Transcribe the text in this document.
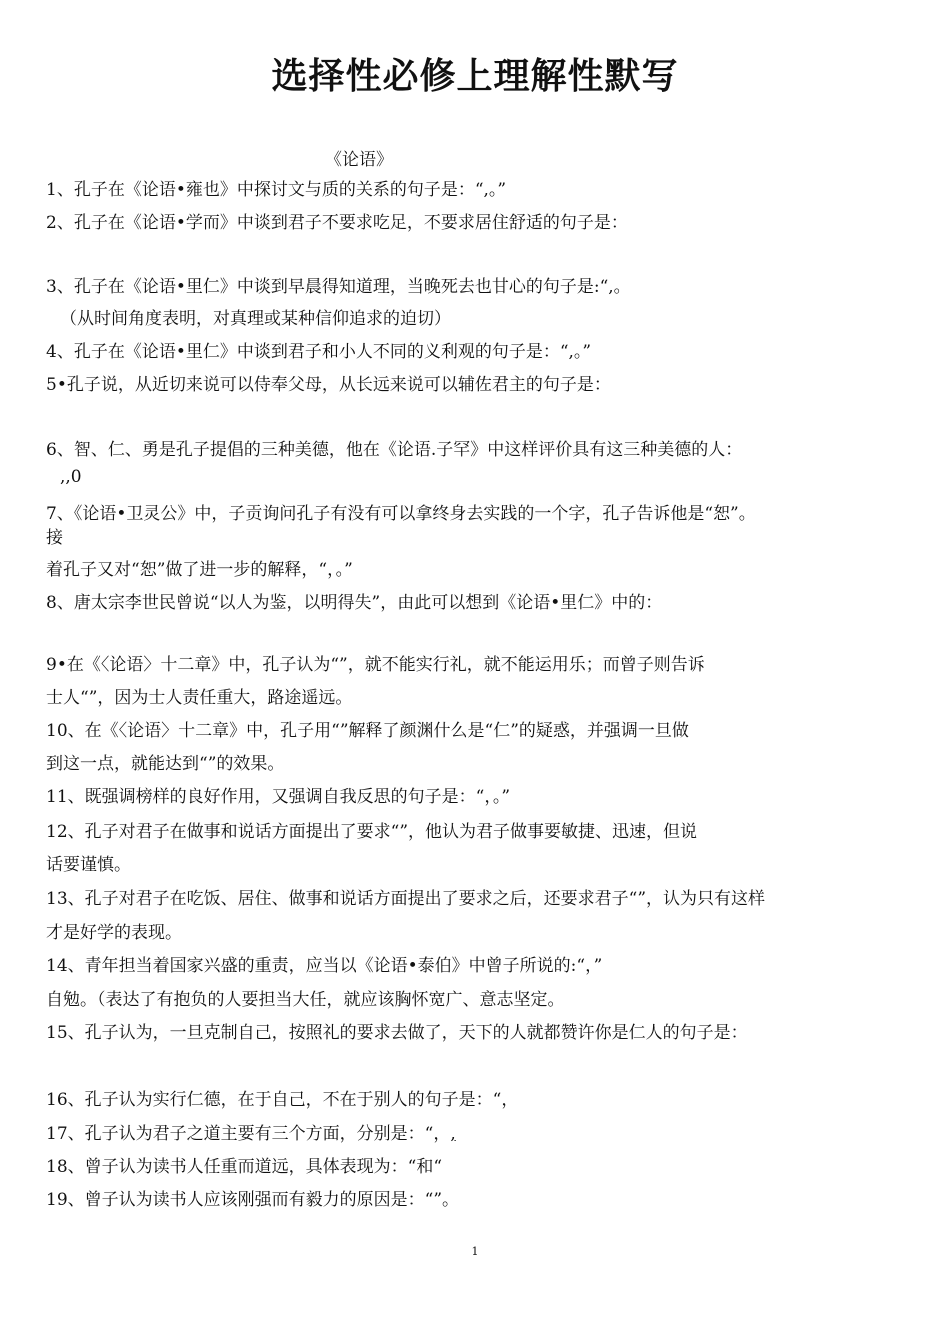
选择性必修上理解性默写

《论语》

1、孔子在《论语•雍也》中探讨文与质的关系的句子是：“,。”

2、孔子在《论语•学而》中谈到君子不要求吃足，不要求居住舒适的句子是：

3、孔子在《论语•里仁》中谈到早晨得知道理，当晚死去也甘心的句子是:“,。

（从时间角度表明，对真理或某种信仰追求的迫切）

4、孔子在《论语•里仁》中谈到君子和小人不同的义利观的句子是：“,。”

5•孔子说，从近切来说可以侍奉父母，从长远来说可以辅佐君主的句子是：

6、智、仁、勇是孔子提倡的三种美德，他在《论语.子罕》中这样评价具有这三种美德的人：

,,0

7、《论语•卫灵公》中，子贡询问孔子有没有可以拿终身去实践的一个字，孔子告诉他是“恕”。

接

着孔子又对“恕”做了进一步的解释，“，。”

8、唐太宗李世民曾说“以人为鉴，以明得失”，由此可以想到《论语•里仁》中的：

9•在《〈论语〉十二章》中，孔子认为“”，就不能实行礼，就不能运用乐；而曾子则告诉

士人“”，因为士人责任重大，路途遥远。

10、在《〈论语〉十二章》中，孔子用“”解释了颜渊什么是“仁”的疑惑，并强调一旦做

到这一点，就能达到“”的效果。

11、既强调榜样的良好作用，又强调自我反思的句子是：“，。”

12、孔子对君子在做事和说话方面提出了要求“”，他认为君子做事要敏捷、迅速，但说

话要谨慎。

13、孔子对君子在吃饭、居住、做事和说话方面提出了要求之后，还要求君子“”，认为只有这样

才是好学的表现。

14、青年担当着国家兴盛的重责，应当以《论语•泰伯》中曾子所说的:“，”

自勉。（表达了有抱负的人要担当大任，就应该胸怀宽广、意志坚定。

15、孔子认为，一旦克制自己，按照礼的要求去做了，天下的人就都赞许你是仁人的句子是：

16、孔子认为实行仁德，在于自己，不在于别人的句子是：“，

17、孔子认为君子之道主要有三个方面，分别是：“，,

18、曾子认为读书人任重而道远，具体表现为：“和“

19、曾子认为读书人应该刚强而有毅力的原因是：“”。

1
